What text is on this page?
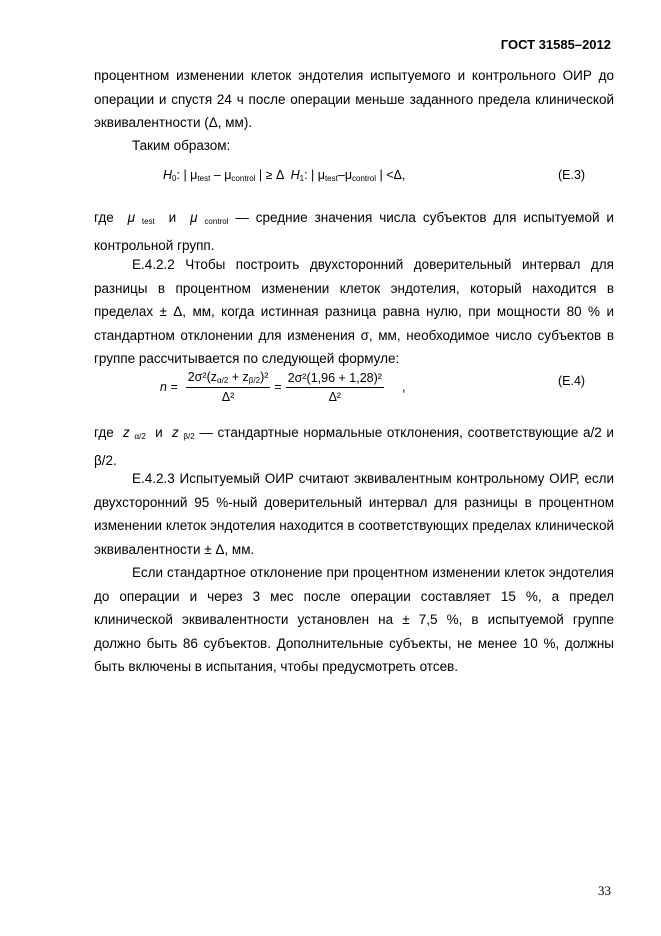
ГОСТ 31585–2012
процентном изменении клеток эндотелия испытуемого и контрольного ОИР до операции и спустя 24 ч после операции меньше заданного предела клинической эквивалентности (Δ, мм).
Таким образом:
$H_0$: | $\mu_{test} - \mu_{control}$ | ≥ Δ $H_1$: | $\mu_{test}-\mu_{control}$ | <Δ,	(E.3)
где μ $_{test}$ и μ $_{control}$ — средние значения числа субъектов для испытуемой и контрольной групп.
E.4.2.2 Чтобы построить двухсторонний доверительный интервал для разницы в процентном изменении клеток эндотелия, который находится в пределах ± Δ, мм, когда истинная разница равна нулю, при мощности 80 % и стандартном отклонении для изменения σ, мм, необходимое число субъектов в группе рассчитывается по следующей формуле:
$n = \frac{2\sigma^2(z_{\alpha/2} + z_{\beta/2})^2}{\text{Δ²}} = \frac{\text{2σ²(1,96 + 1,28)²}}{\text{Δ²}}$ ,	(E.4)
где z $_{\alpha/2}$ и z $_{\beta/2}$ — стандартные нормальные отклонения, соответствующие a/2 и β/2.
E.4.2.3 Испытуемый ОИР считают эквивалентным контрольному ОИР, если двухсторонний 95 %-ный доверительный интервал для разницы в процентном изменении клеток эндотелия находится в соответствующих пределах клинической эквивалентности ± Δ, мм.
Если стандартное отклонение при процентном изменении клеток эндотелия до операции и через 3 мес после операции составляет 15 %, а предел клинической эквивалентности установлен на ± 7,5 %, в испытуемой группе должно быть 86 субъектов. Дополнительные субъекты, не менее 10 %, должны быть включены в испытания, чтобы предусмотреть отсев.
33
